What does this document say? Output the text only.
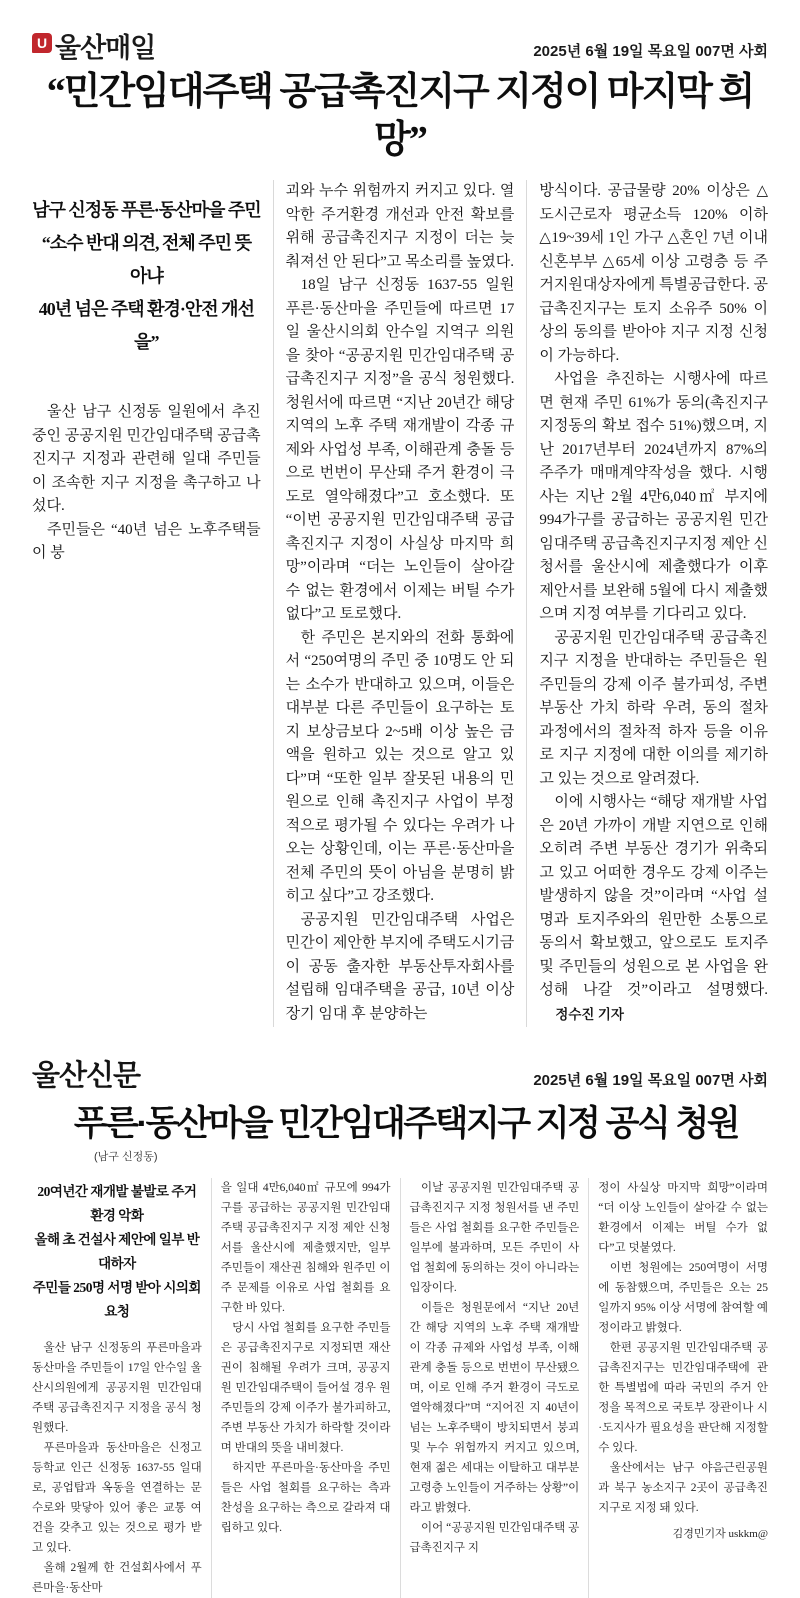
U 울산매일	2025년 6월 19일 목요일 007면 사회
“민간임대주택 공급촉진지구 지정이 마지막 희망”
남구 신정동 푸른·동산마을 주민
“소수 반대 의견, 전체 주민 뜻 아냐
40년 넘은 주택 환경·안전 개선을”

울산 남구 신정동 일원에서 추진 중인 공공지원 민간임대주택 공급촉진지구 지정과 관련해 일대 주민들이 조속한 지구 지정을 촉구하고 나섰다.

주민들은 “40년 넘은 노후주택들이 붕

괴와 누수 위험까지 커지고 있다. 열악한 주거환경 개선과 안전 확보를 위해 공급촉진지구 지정이 더는 늦춰져선 안 된다”고 목소리를 높였다.

18일 남구 신정동 1637-55 일원 푸른·동산마을 주민들에 따르면 17일 울산시의회 안수일 지역구 의원을 찾아 “공공지원 민간임대주택 공급촉진지구 지정”을 공식 청원했다. 청원서에 따르면 “지난 20년간 해당 지역의 노후 주택 재개발이 각종 규제와 사업성 부족, 이해관계 충돌 등으로 번번이 무산돼 주거 환경이 극도로 열악해졌다”고 호소했다. 또 “이번 공공지원 민간임대주택 공급촉진지구 지정이 사실상 마지막 희망”이라며 “더는 노인들이 살아갈 수 없는 환경에서 이제는 버틸 수가 없다”고 토로했다.

한 주민은 본지와의 전화 통화에서 “250여명의 주민 중 10명도 안 되는 소수가 반대하고 있으며, 이들은 대부분 다른 주민들이 요구하는 토지 보상금보다 2~5배 이상 높은 금액을 원하고 있는 것으로 알고 있다”며 “또한 일부 잘못된 내용의 민원으로 인해 촉진지구 사업이 부정적으로 평가될 수 있다는 우려가 나오는 상황인데, 이는 푸른·동산마을 전체 주민의 뜻이 아님을 분명히 밝히고 싶다”고 강조했다.

공공지원 민간임대주택 사업은 민간이 제안한 부지에 주택도시기금이 공동 출자한 부동산투자회사를 설립해 임대주택을 공급, 10년 이상 장기 임대 후 분양하는

방식이다. 공급물량 20% 이상은 △도시근로자 평균소득 120% 이하 △19~39세 1인 가구 △혼인 7년 이내 신혼부부 △65세 이상 고령층 등 주거지원대상자에게 특별공급한다. 공급촉진지구는 토지 소유주 50% 이상의 동의를 받아야 지구 지정 신청이 가능하다.

사업을 추진하는 시행사에 따르면 현재 주민 61%가 동의(촉진지구지정동의 확보 접수 51%)했으며, 지난 2017년부터 2024년까지 87%의 주주가 매매계약작성을 했다. 시행사는 지난 2월 4만6,040㎡ 부지에 994가구를 공급하는 공공지원 민간임대주택 공급촉진지구지정 제안 신청서를 울산시에 제출했다가 이후 제안서를 보완해 5월에 다시 제출했으며 지정 여부를 기다리고 있다.

공공지원 민간임대주택 공급촉진지구 지정을 반대하는 주민들은 원주민들의 강제 이주 불가피성, 주변 부동산 가치 하락 우려, 동의 절차 과정에서의 절차적 하자 등을 이유로 지구 지정에 대한 이의를 제기하고 있는 것으로 알려졌다.

이에 시행사는 “해당 재개발 사업은 20년 가까이 개발 지연으로 인해 오히려 주변 부동산 경기가 위축되고 있고 어떠한 경우도 강제 이주는 발생하지 않을 것”이라며 “사업 설명과 토지주와의 원만한 소통으로 동의서 확보했고, 앞으로도 토지주 및 주민들의 성원으로 본 사업을 완성해 나갈 것”이라고 설명했다. 정수진 기자

울산신문	2025년 6월 19일 목요일 007면 사회
푸른·동산마을 민간임대주택지구 지정 공식 청원
(남구 신정동)
20여년간 재개발 불발로 주거환경 악화
올해 초 건설사 제안에 일부 반대하자
주민들 250명 서명 받아 시의회 요청

울산 남구 신정동의 푸른마을과 동산마을 주민들이 17일 안수일 울산시의원에게 공공지원 민간임대주택 공급촉진지구 지정을 공식 청원했다.

푸른마을과 동산마을은 신정고등학교 인근 신정동 1637-55 일대로, 공업탑과 옥동을 연결하는 문수로와 맞닿아 있어 좋은 교통 여건을 갖추고 있는 것으로 평가 받고 있다.

올해 2월께 한 건설회사에서 푸른마을·동산마

을 일대 4만6,040㎡ 규모에 994가구를 공급하는 공공지원 민간임대주택 공급촉진지구 지정 제안 신청서를 울산시에 제출했지만, 일부 주민들이 재산권 침해와 원주민 이주 문제를 이유로 사업 철회를 요구한 바 있다.

당시 사업 철회를 요구한 주민들은 공급촉진지구로 지정되면 재산권이 침해될 우려가 크며, 공공지원 민간임대주택이 들어설 경우 원주민들의 강제 이주가 불가피하고, 주변 부동산 가치가 하락할 것이라며 반대의 뜻을 내비쳤다.

하지만 푸른마을·동산마을 주민들은 사업 철회를 요구하는 측과 찬성을 요구하는 측으로 갈라져 대립하고 있다.

이날 공공지원 민간임대주택 공급촉진지구 지정 청원서를 낸 주민들은 사업 철회를 요구한 주민들은 일부에 불과하며, 모든 주민이 사업 철회에 동의하는 것이 아니라는 입장이다.

이들은 청원문에서 “지난 20년간 해당 지역의 노후 주택 재개발이 각종 규제와 사업성 부족, 이해관계 충돌 등으로 번번이 무산됐으며, 이로 인해 주거 환경이 극도로 열악해졌다”며 “지어진 지 40년이 넘는 노후주택이 방치되면서 붕괴 및 누수 위험까지 커지고 있으며, 현재 젊은 세대는 이탈하고 대부분 고령층 노인들이 거주하는 상황”이라고 밝혔다.

이어 “공공지원 민간임대주택 공급촉진지구 지

정이 사실상 마지막 희망”이라며 “더 이상 노인들이 살아갈 수 없는 환경에서 이제는 버틸 수가 없다”고 덧붙였다.

이번 청원에는 250여명이 서명에 동참했으며, 주민들은 오는 25일까지 95% 이상 서명에 참여할 예정이라고 밝혔다.

한편 공공지원 민간임대주택 공급촉진지구는 민간임대주택에 관한 특별법에 따라 국민의 주거 안정을 목적으로 국토부 장관이나 시·도지사가 필요성을 판단해 지정할 수 있다.

울산에서는 남구 야음근린공원과 북구 농소지구 2곳이 공급촉진지구로 지정 돼 있다.

김경민기자 uskkm@
